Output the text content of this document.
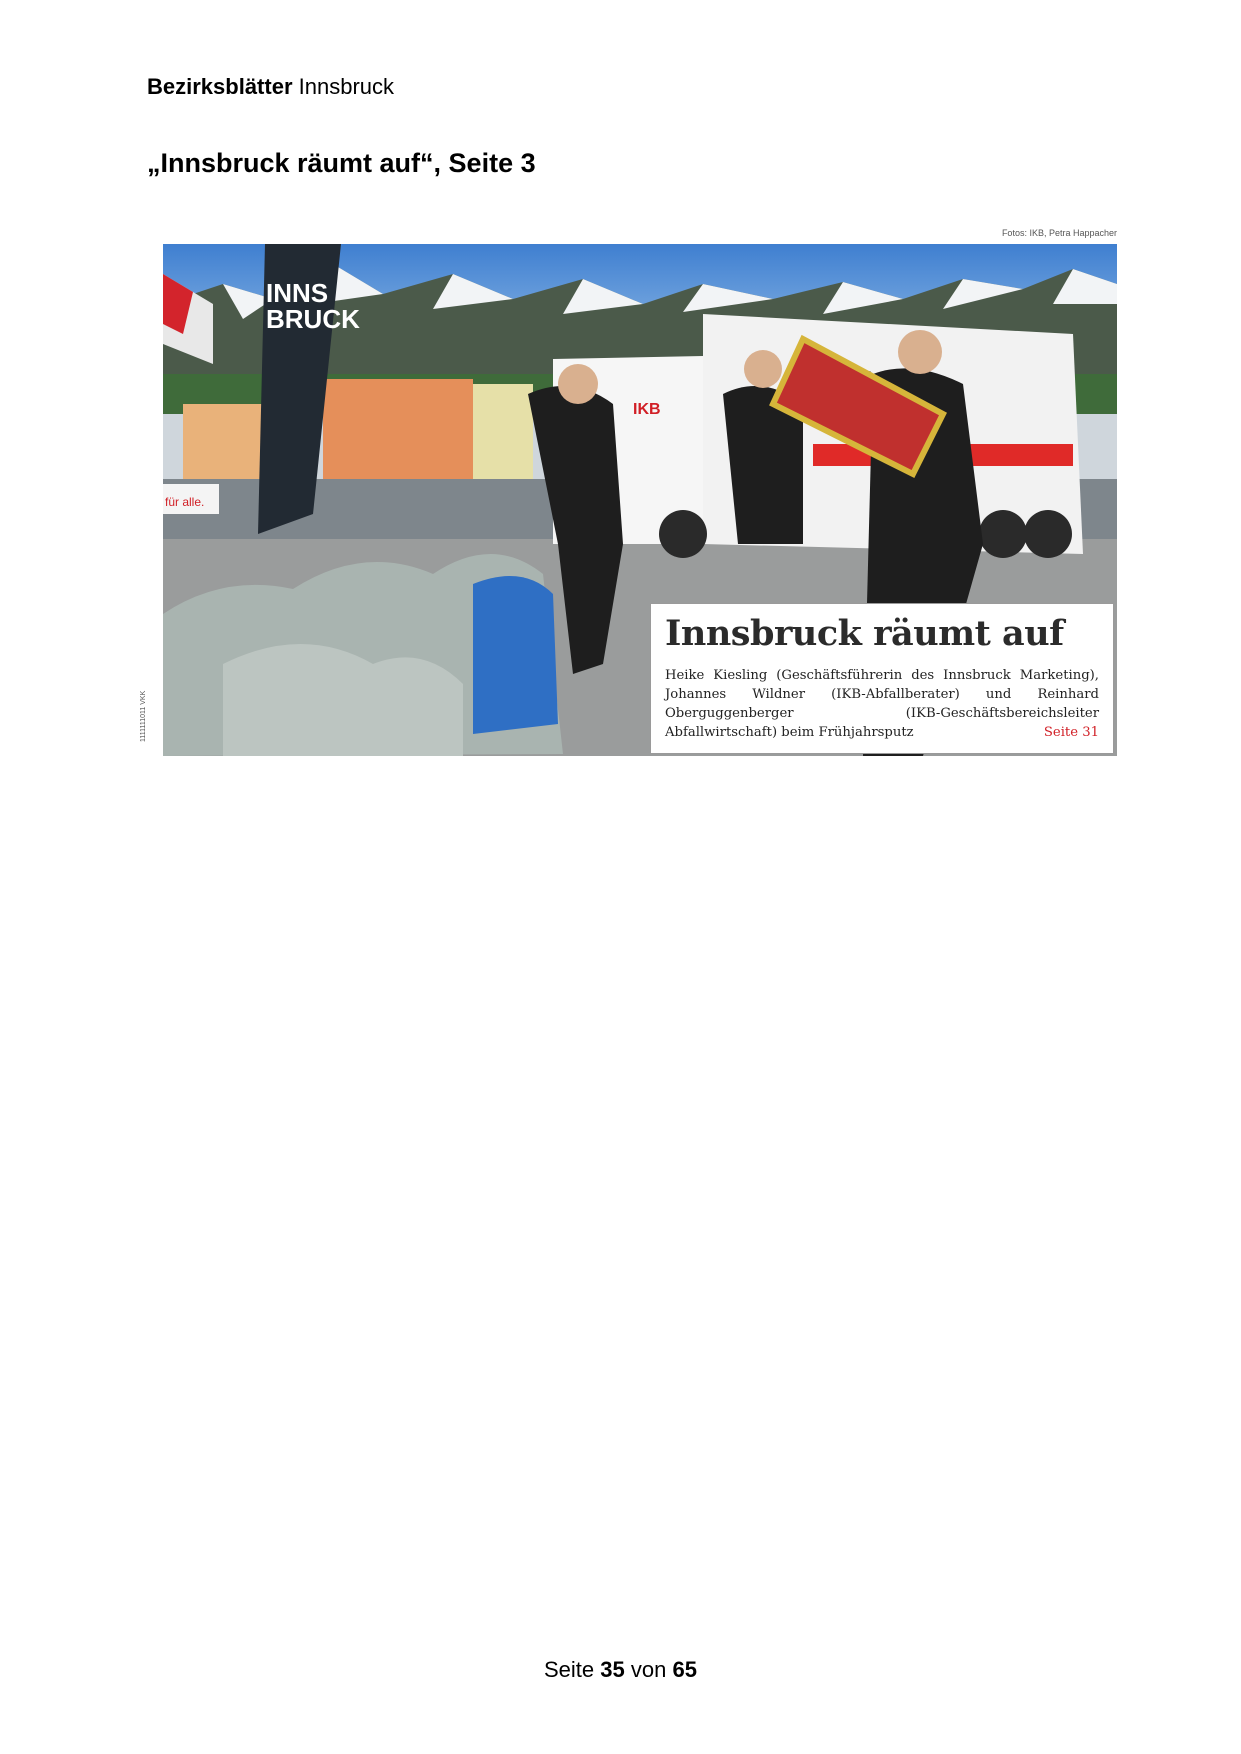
Bezirksblätter Innsbruck
„Innsbruck räumt auf“, Seite 3
Fotos: IKB, Petra Happacher
1111111011 VKK
INNS
BRUCK
für alle.
IKB
Innsbruck räumt auf

Heike Kiesling (Geschäftsführerin des Innsbruck Marketing), Johannes Wildner (IKB-Abfallberater) und Reinhard Oberguggenberger (IKB-Geschäftsbereichsleiter Abfallwirtschaft) beim Frühjahrsputz	Seite 31

Seite 35 von 65
